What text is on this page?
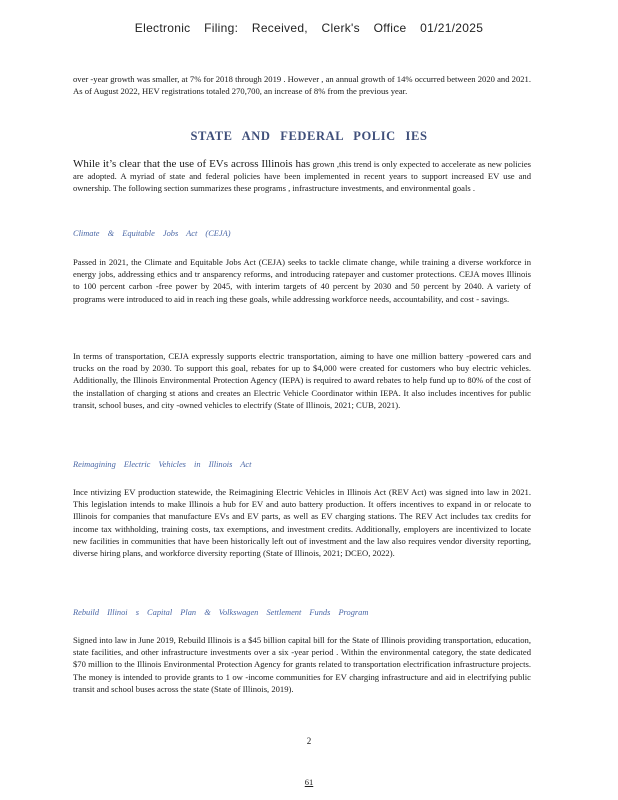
Electronic Filing: Received, Clerk's Office 01/21/2025

over -year growth was smaller, at 7% for 2018 through 2019 . However , an annual growth of 14% occurred between 2020 and 2021. As of August 2022, HEV registrations totaled 270,700, an increase of 8% from the previous year.

STATE AND FEDERAL POLIC IES

While it’s clear that the use of EVs across Illinois has grown ,this trend is only expected to accelerate as new policies are adopted. A myriad of state and federal policies have been implemented in recent years to support increased EV use and ownership. The following section summarizes these programs , infrastructure investments, and environmental goals .

Climate & Equitable Jobs Act (CEJA)

Passed in 2021, the Climate and Equitable Jobs Act (CEJA) seeks to tackle climate change, while training a diverse workforce in energy jobs, addressing ethics and tr ansparency reforms, and introducing ratepayer and customer protections. CEJA moves Illinois to 100 percent carbon -free power by 2045, with interim targets of 40 percent by 2030 and 50 percent by 2040. A variety of programs were introduced to aid in reach ing these goals, while addressing workforce needs, accountability, and cost - savings.

In terms of transportation, CEJA expressly supports electric transportation, aiming to have one million battery -powered cars and trucks on the road by 2030. To support this goal, rebates for up to $4,000 were created for customers who buy electric vehicles. Additionally, the Illinois Environmental Protection Agency (IEPA) is required to award rebates to help fund up to 80% of the cost of the installation of charging st ations and creates an Electric Vehicle Coordinator within IEPA. It also includes incentives for public transit, school buses, and city -owned vehicles to electrify (State of Illinois, 2021; CUB, 2021).

Reimagining Electric Vehicles in Illinois Act

Ince ntivizing EV production statewide, the Reimagining Electric Vehicles in Illinois Act (REV Act) was signed into law in 2021. This legislation intends to make Illinois a hub for EV and auto battery production. It offers incentives to expand in or relocate to Illinois for companies that manufacture EVs and EV parts, as well as EV charging stations. The REV Act includes tax credits for income tax withholding, training costs, tax exemptions, and investment credits. Additionally, employers are incentivized to locate new facilities in communities that have been historically left out of investment and the law also requires vendor diversity reporting, diverse hiring plans, and workforce diversity reporting (State of Illinois, 2021; DCEO, 2022).

Rebuild Illinoi s Capital Plan & Volkswagen Settlement Funds Program

Signed into law in June 2019, Rebuild Illinois is a $45 billion capital bill for the State of Illinois providing transportation, education, state facilities, and other infrastructure investments over a six -year period . Within the environmental category, the state dedicated $70 million to the Illinois Environmental Protection Agency for grants related to transportation electrification infrastructure projects. The money is intended to provide grants to 1 ow -income communities for EV charging infrastructure and aid in electrifying public transit and school buses across the state (State of Illinois, 2019).

2
61
